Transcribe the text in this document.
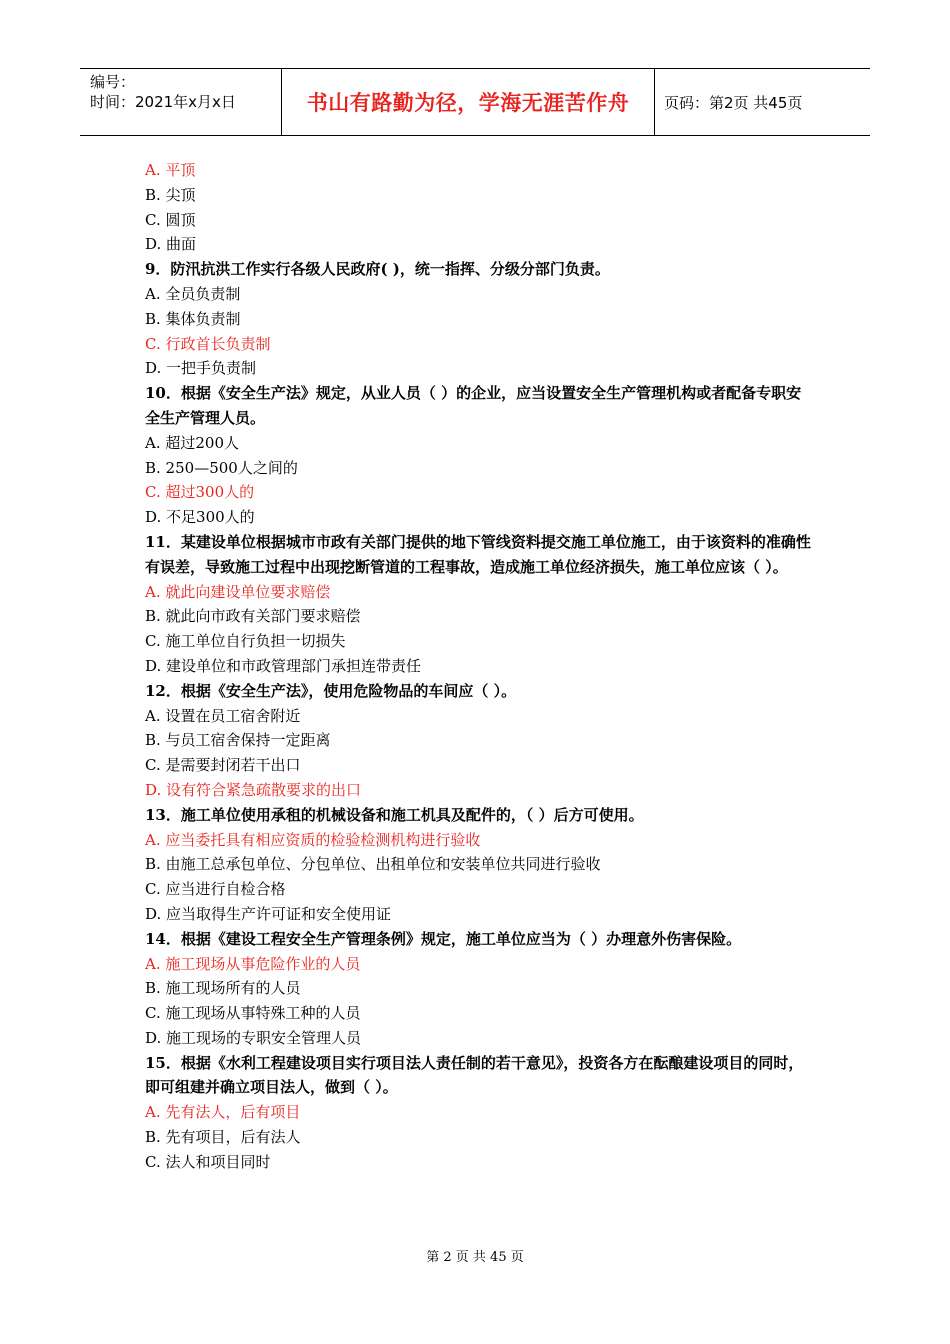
编号：
时间：2021年x月x日	书山有路勤为径，学海无涯苦作舟	页码：第2页 共45页
A. 平顶
B. 尖顶
C. 圆顶
D. 曲面
9．防汛抗洪工作实行各级人民政府( )，统一指挥、分级分部门负责。
A. 全员负责制
B. 集体负责制
C. 行政首长负责制
D. 一把手负责制
10．根据《安全生产法》规定，从业人员（ ）的企业，应当设置安全生产管理机构或者配备专职安全生产管理人员。
A. 超过200人
B. 250—500人之间的
C. 超过300人的
D. 不足300人的
11．某建设单位根据城市市政有关部门提供的地下管线资料提交施工单位施工，由于该资料的准确性有误差，导致施工过程中出现挖断管道的工程事故，造成施工单位经济损失，施工单位应该（ ）。
A. 就此向建设单位要求赔偿
B. 就此向市政有关部门要求赔偿
C. 施工单位自行负担一切损失
D. 建设单位和市政管理部门承担连带责任
12．根据《安全生产法》，使用危险物品的车间应（ ）。
A. 设置在员工宿舍附近
B. 与员工宿舍保持一定距离
C. 是需要封闭若干出口
D. 设有符合紧急疏散要求的出口
13．施工单位使用承租的机械设备和施工机具及配件的，（ ）后方可使用。
A. 应当委托具有相应资质的检验检测机构进行验收
B. 由施工总承包单位、分包单位、出租单位和安装单位共同进行验收
C. 应当进行自检合格
D. 应当取得生产许可证和安全使用证
14．根据《建设工程安全生产管理条例》规定，施工单位应当为（ ）办理意外伤害保险。
A. 施工现场从事危险作业的人员
B. 施工现场所有的人员
C. 施工现场从事特殊工种的人员
D. 施工现场的专职安全管理人员
15．根据《水利工程建设项目实行项目法人责任制的若干意见》，投资各方在酝酿建设项目的同时，即可组建并确立项目法人，做到（ ）。
A. 先有法人，后有项目
B. 先有项目，后有法人
C. 法人和项目同时
第 2 页 共 45 页
